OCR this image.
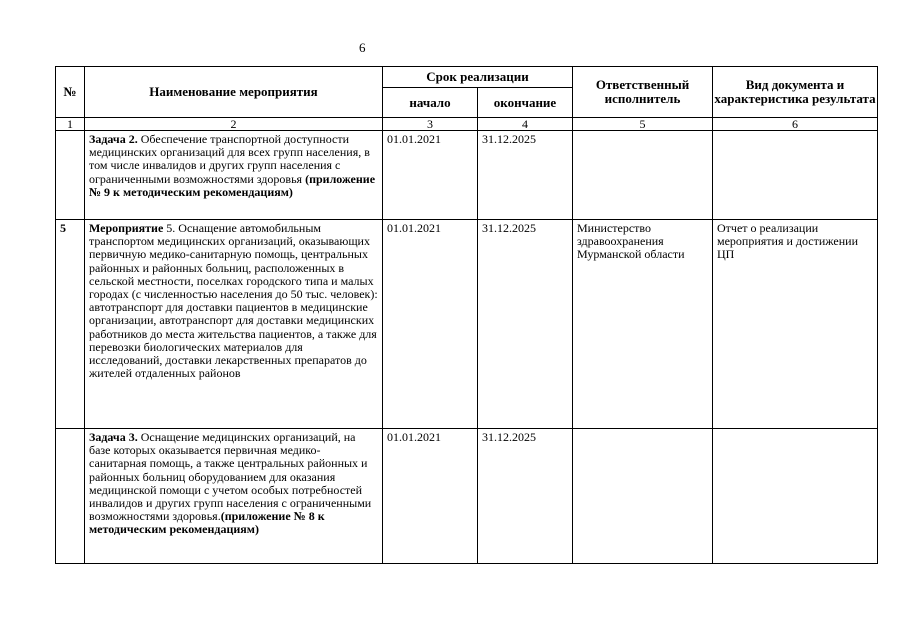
6
№	Наименование мероприятия	Срок реализации		Ответственный исполнитель	Вид документа и характеристика результата
		начало	окончание		
1	2	3	4	5	6
	Задача 2. Обеспечение транспортной доступности медицинских организаций для всех групп населения, в том числе инвалидов и других групп населения с ограниченными возможностями здоровья (приложение № 9 к методическим рекомендациям)	01.01.2021	31.12.2025		
5	Мероприятие 5. Оснащение автомобильным транспортом медицинских организаций, оказывающих первичную медико-санитарную помощь, центральных районных и районных больниц, расположенных в сельской местности, поселках городского типа и малых городах (с численностью населения до 50 тыс. человек): автотранспорт для доставки пациентов в медицинские организации, автотранспорт для доставки медицинских работников до места жительства пациентов, а также для перевозки биологических материалов для исследований, доставки лекарственных препаратов до жителей отдаленных районов	01.01.2021	31.12.2025	Министерство здравоохранения Мурманской области	Отчет о реализации мероприятия и достижении ЦП
	Задача 3. Оснащение медицинских организаций, на базе которых оказывается первичная медико-санитарная помощь, а также центральных районных и районных больниц оборудованием для оказания медицинской помощи с учетом особых потребностей инвалидов и других групп населения с ограниченными возможностями здоровья.(приложение № 8 к методическим рекомендациям)	01.01.2021	31.12.2025		
